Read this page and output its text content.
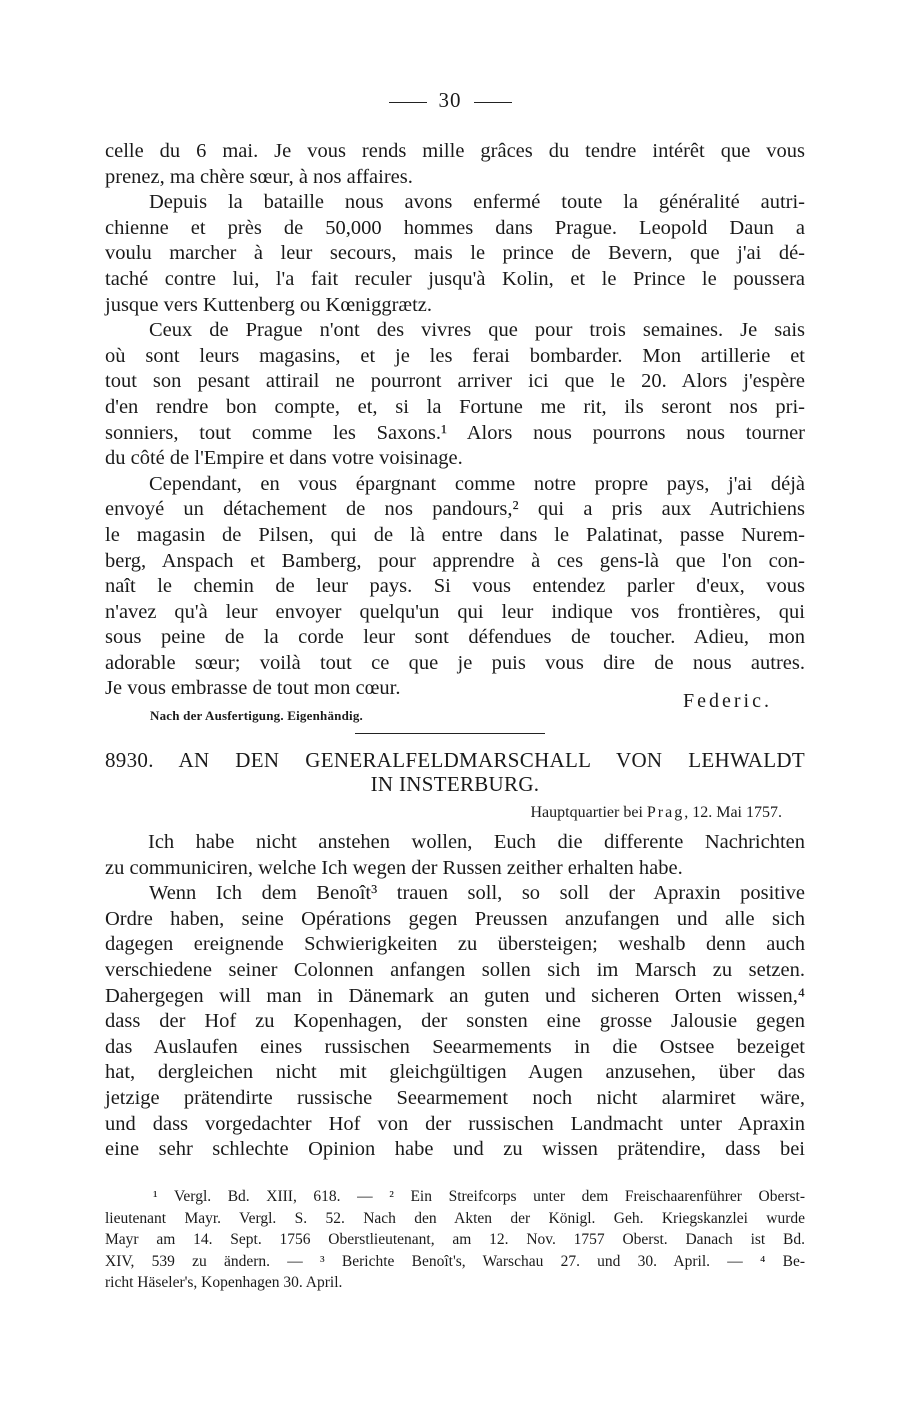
30
celle du 6 mai. Je vous rends mille grâces du tendre intérêt que vous
prenez, ma chère sœur, à nos affaires.
Depuis la bataille nous avons enfermé toute la généralité autri-
chienne et près de 50,000 hommes dans Prague. Leopold Daun a
voulu marcher à leur secours, mais le prince de Bevern, que j'ai dé-
taché contre lui, l'a fait reculer jusqu'à Kolin, et le Prince le poussera
jusque vers Kuttenberg ou Kœniggrætz.
Ceux de Prague n'ont des vivres que pour trois semaines. Je sais
où sont leurs magasins, et je les ferai bombarder. Mon artillerie et
tout son pesant attirail ne pourront arriver ici que le 20. Alors j'espère
d'en rendre bon compte, et, si la Fortune me rit, ils seront nos pri-
sonniers, tout comme les Saxons.¹ Alors nous pourrons nous tourner
du côté de l'Empire et dans votre voisinage.
Cependant, en vous épargnant comme notre propre pays, j'ai déjà
envoyé un détachement de nos pandours,² qui a pris aux Autrichiens
le magasin de Pilsen, qui de là entre dans le Palatinat, passe Nurem-
berg, Anspach et Bamberg, pour apprendre à ces gens-là que l'on con-
naît le chemin de leur pays. Si vous entendez parler d'eux, vous
n'avez qu'à leur envoyer quelqu'un qui leur indique vos frontières, qui
sous peine de la corde leur sont défendues de toucher. Adieu, mon
adorable sœur; voilà tout ce que je puis vous dire de nous autres.
Je vous embrasse de tout mon cœur.
Federic.
Nach der Ausfertigung. Eigenhändig.
8930. AN DEN GENERALFELDMARSCHALL VON LEHWALDT
IN INSTERBURG.
Hauptquartier bei Prag, 12. Mai 1757.
Ich habe nicht anstehen wollen, Euch die differente Nachrichten
zu communiciren, welche Ich wegen der Russen zeither erhalten habe.
Wenn Ich dem Benoît³ trauen soll, so soll der Apraxin positive
Ordre haben, seine Opérations gegen Preussen anzufangen und alle sich
dagegen ereignende Schwierigkeiten zu übersteigen; weshalb denn auch
verschiedene seiner Colonnen anfangen sollen sich im Marsch zu setzen.
Dahergegen will man in Dänemark an guten und sicheren Orten wissen,⁴
dass der Hof zu Kopenhagen, der sonsten eine grosse Jalousie gegen
das Auslaufen eines russischen Seearmements in die Ostsee bezeiget
hat, dergleichen nicht mit gleichgültigen Augen anzusehen, über das
jetzige prätendirte russische Seearmement noch nicht alarmiret wäre,
und dass vorgedachter Hof von der russischen Landmacht unter Apraxin
eine sehr schlechte Opinion habe und zu wissen prätendire, dass bei
¹ Vergl. Bd. XIII, 618. — ² Ein Streifcorps unter dem Freischaarenführer Oberst-
lieutenant Mayr. Vergl. S. 52. Nach den Akten der Königl. Geh. Kriegskanzlei wurde
Mayr am 14. Sept. 1756 Oberstlieutenant, am 12. Nov. 1757 Oberst. Danach ist Bd.
XIV, 539 zu ändern. — ³ Berichte Benoît's, Warschau 27. und 30. April. — ⁴ Be-
richt Häseler's, Kopenhagen 30. April.
